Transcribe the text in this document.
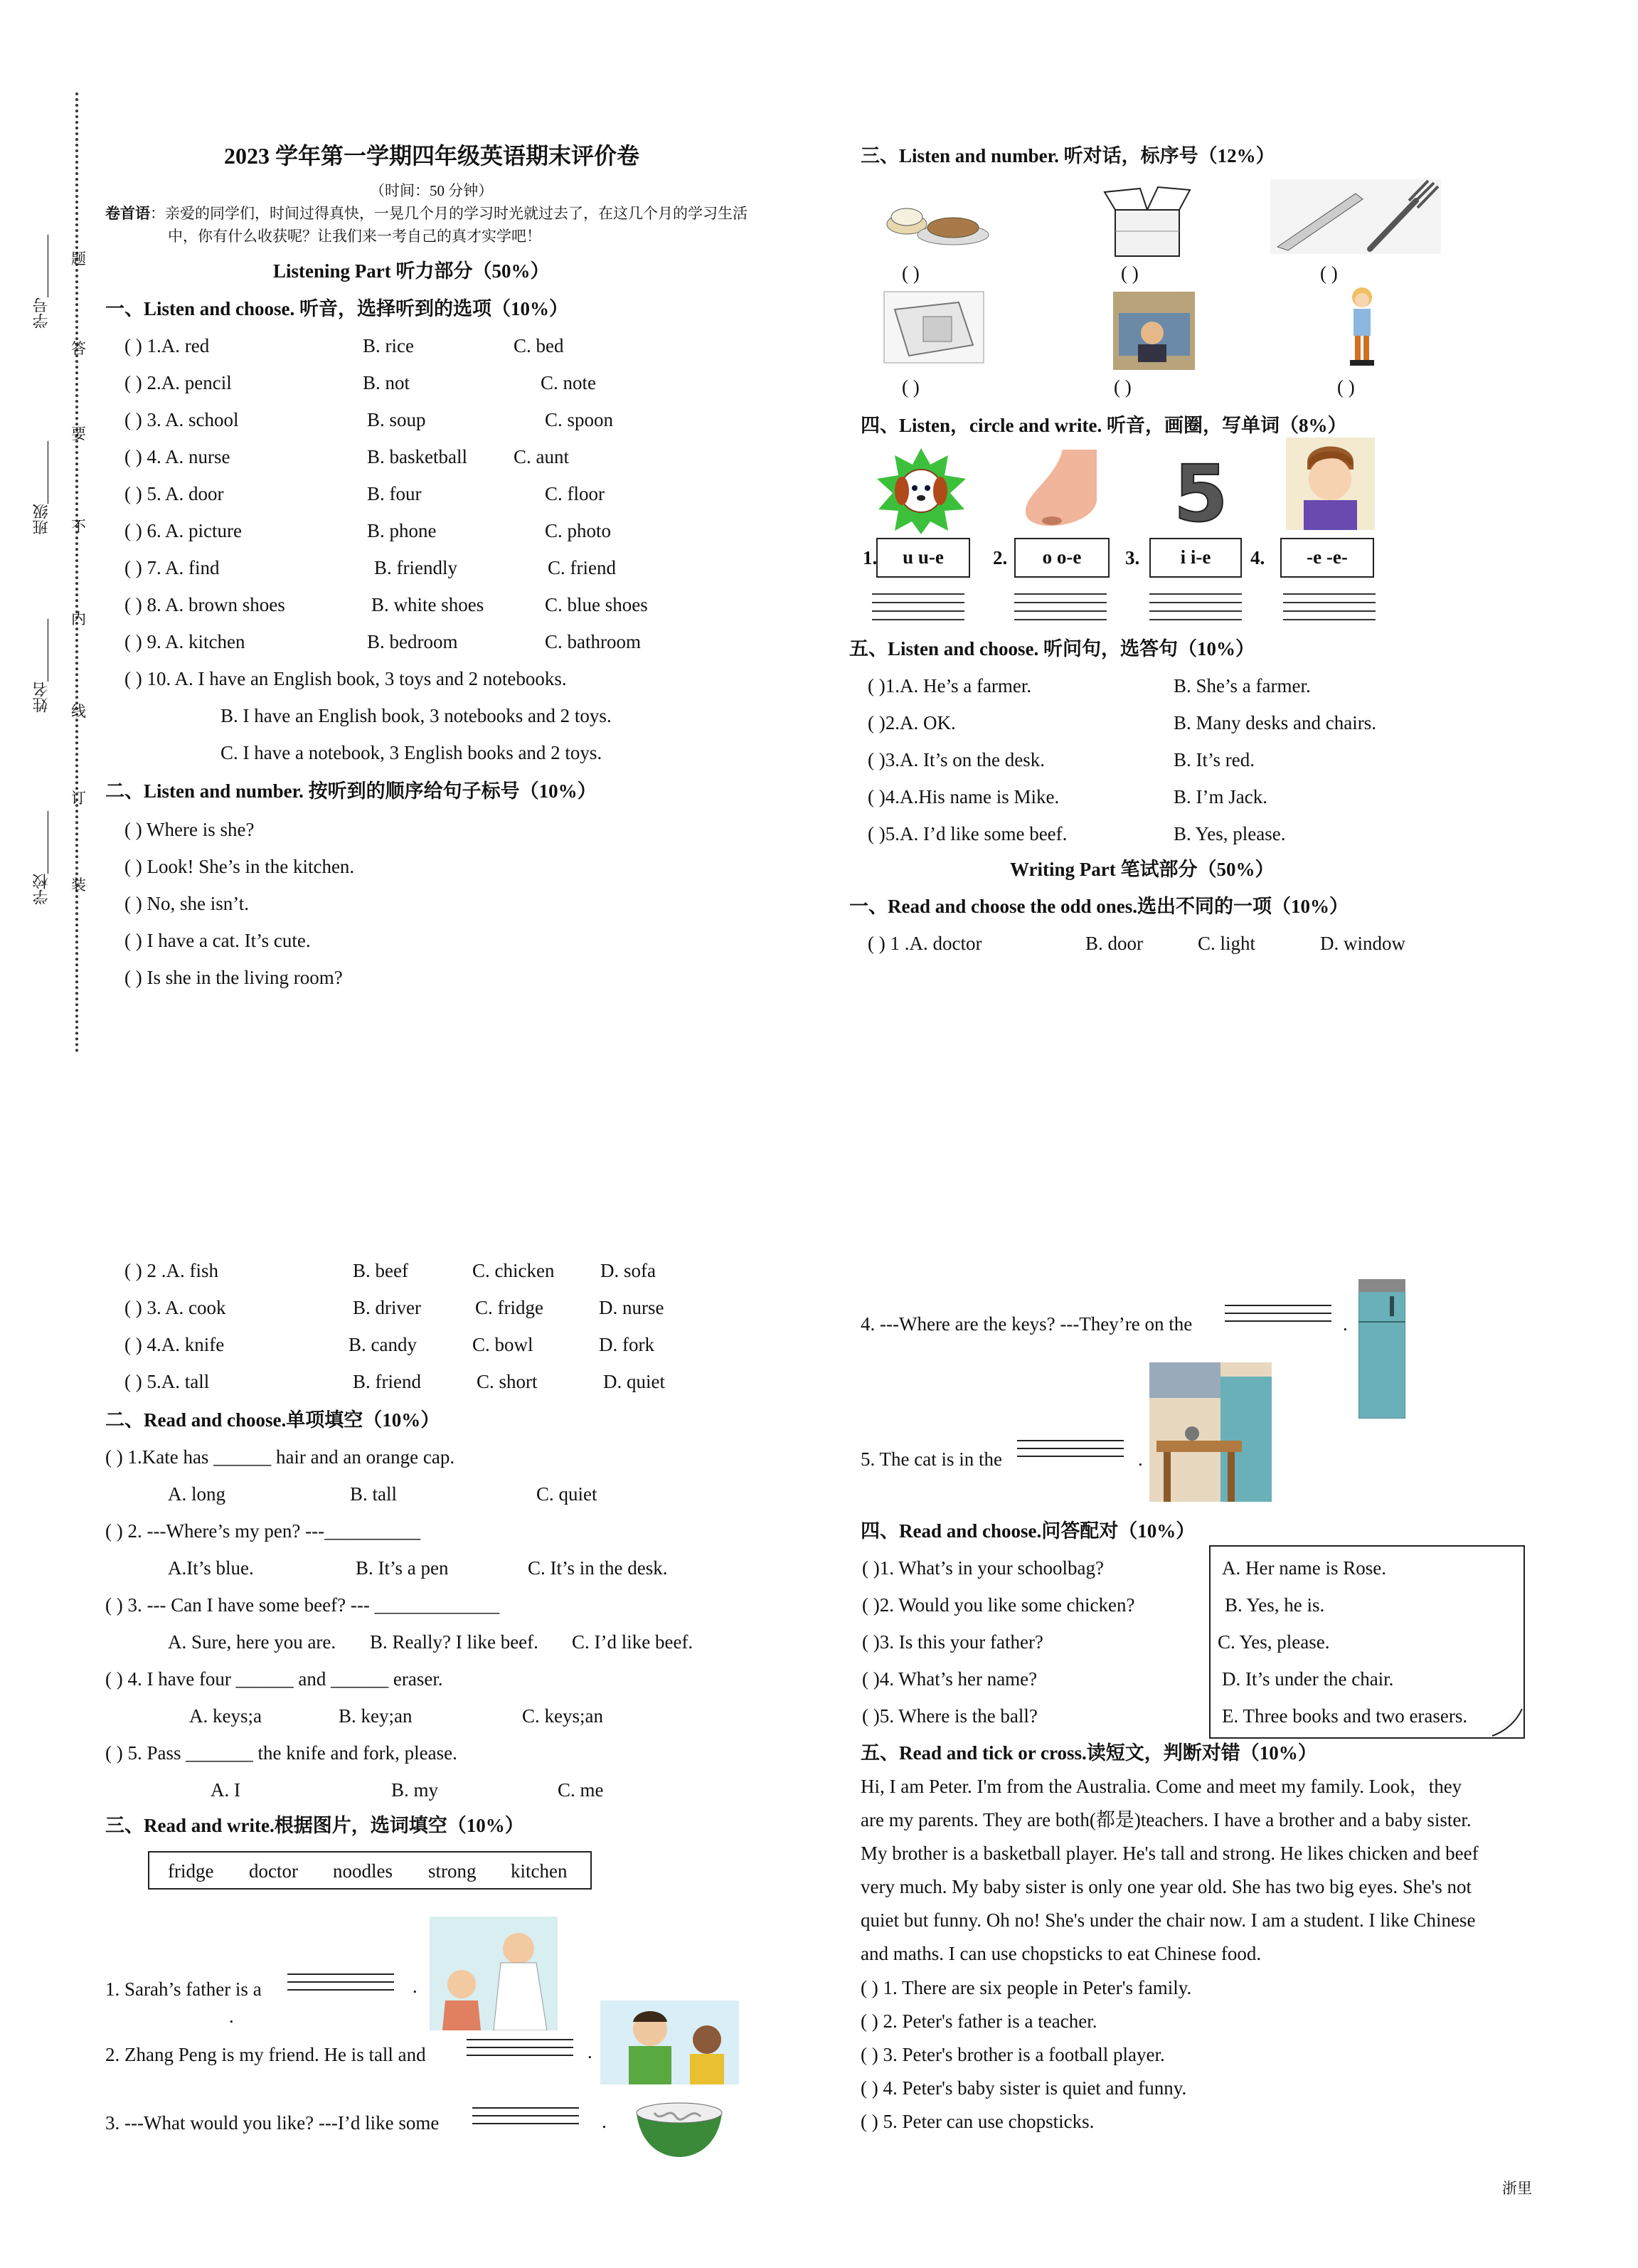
学号________
班级________
姓名________
学校________
题
答
要
不
内
线
订
装
2023 学年第一学期四年级英语期末评价卷
（时间：50 分钟）
卷首语：亲爱的同学们，时间过得真快，一晃几个月的学习时光就过去了，在这几个月的学习生活
中，你有什么收获呢？让我们来一考自己的真才实学吧！
Listening Part 听力部分（50%）
一、Listen and choose. 听音，选择听到的选项（10%）
( ) 1.A. red	B. rice	C. bed
( ) 2.A. pencil	B. not	C. note
( ) 3. A. school	B. soup	C. spoon
( ) 4. A. nurse	B. basketball C. aunt
( ) 5. A. door	B. four	C. floor
( ) 6. A. picture	B. phone	C. photo
( ) 7. A. find	B. friendly	C. friend
( ) 8. A. brown shoes	B. white shoes	C. blue shoes
( ) 9. A. kitchen	B. bedroom	C. bathroom
( ) 10. A. I have an English book, 3 toys and 2 notebooks.
B. I have an English book, 3 notebooks and 2 toys.
C. I have a notebook, 3 English books and 2 toys.
二、Listen and number. 按听到的顺序给句子标号（10%）
( ) Where is she?
( ) Look! She’s in the kitchen.
( ) No, she isn’t.
( ) I have a cat. It’s cute.
( ) Is she in the living room?
三、Listen and number. 听对话，标序号（12%）
( )	( )	( )
( )	( )	( )
四、Listen，circle and write. 听音，画圈，写单词（8%）
5
1.	u u-e	2.	o o-e	3.	i i-e	4.	-e -e-
五、Listen and choose. 听问句，选答句（10%）
( )1.A. He’s a farmer.	B. She’s a farmer.
( )2.A. OK.	B. Many desks and chairs.
( )3.A. It’s on the desk.	B. It’s red.
( )4.A.His name is Mike.	B. I’m Jack.
( )5.A. I’d like some beef.	B. Yes, please.
Writing Part 笔试部分（50%）
一、Read and choose the odd ones.选出不同的一项（10%）
( ) 1 .A. doctor	B. door	C. light	D. window
( ) 2 .A. fish	B. beef	C. chicken D. sofa
( ) 3. A. cook	B. driver	C. fridge	D. nurse
( ) 4.A. knife	B. candy	C. bowl	D. fork
( ) 5.A. tall	B. friend	C. short	D. quiet
二、Read and choose.单项填空（10%）
( ) 1.Kate has ______ hair and an orange cap.
A. long	B. tall	C. quiet
( ) 2. ---Where’s my pen? ---__________
A.It’s blue.	B. It’s a pen	C. It’s in the desk.
( ) 3. --- Can I have some beef? --- _____________
A. Sure, here you are. B. Really? I like beef. C. I’d like beef.
( ) 4. I have four ______ and ______ eraser.
A. keys;a	B. key;an	C. keys;an
( ) 5. Pass _______ the knife and fork, please.
A. I	B. my	C. me
三、Read and write.根据图片，选词填空（10%）
fridge doctor noodles strong kitchen
1. Sarah’s father is a	.
.
2. Zhang Peng is my friend. He is tall and	.
3. ---What would you like? ---I’d like some	.
4. ---Where are the keys? ---They’re on the	.
5. The cat is in the	.
四、Read and choose.问答配对（10%）
( )1. What’s in your schoolbag?
( )2. Would you like some chicken?
( )3. Is this your father?
( )4. What’s her name?
( )5. Where is the ball?
A. Her name is Rose.
B. Yes, he is.
C. Yes, please.
D. It’s under the chair.
E. Three books and two erasers.
五、Read and tick or cross.读短文，判断对错（10%）
Hi, I am Peter. I'm from the Australia. Come and meet my family. Look，they
are my parents. They are both(都是)teachers. I have a brother and a baby sister.
My brother is a basketball player. He's tall and strong. He likes chicken and beef
very much. My baby sister is only one year old. She has two big eyes. She's not
quiet but funny. Oh no! She's under the chair now. I am a student. I like Chinese
and maths. I can use chopsticks to eat Chinese food.
( ) 1. There are six people in Peter's family.
( ) 2. Peter's father is a teacher.
( ) 3. Peter's brother is a football player.
( ) 4. Peter's baby sister is quiet and funny.
( ) 5. Peter can use chopsticks.
浙里
